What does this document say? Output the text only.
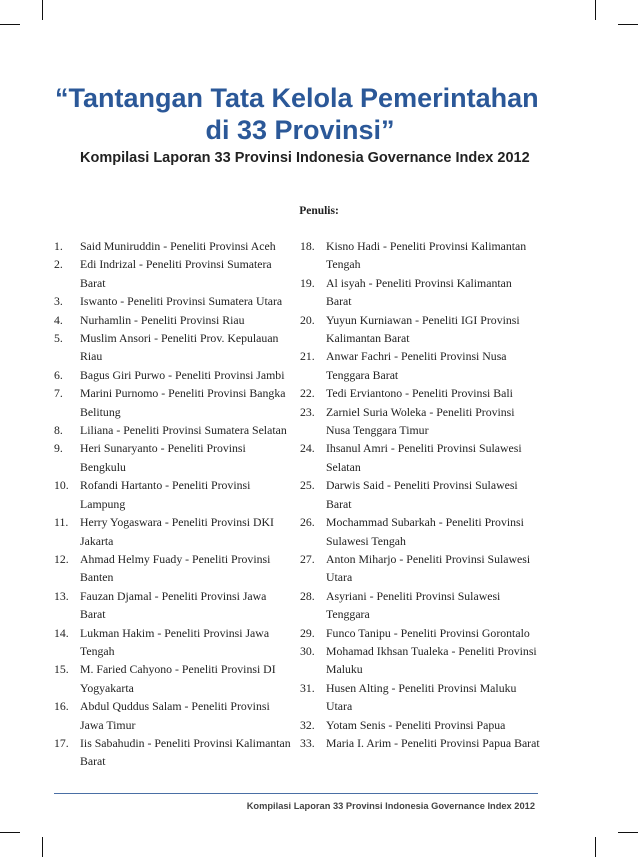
“Tantangan Tata Kelola Pemerintahan
di 33 Provinsi”
Kompilasi Laporan 33 Provinsi Indonesia Governance Index 2012
Penulis:
1.	Said Muniruddin - Peneliti Provinsi Aceh
2.	Edi Indrizal - Peneliti Provinsi Sumatera Barat
3.	Iswanto - Peneliti Provinsi Sumatera Utara
4.	Nurhamlin - Peneliti Provinsi Riau
5.	Muslim Ansori - Peneliti Prov. Kepulauan Riau
6.	Bagus Giri Purwo - Peneliti Provinsi Jambi
7.	Marini Purnomo - Peneliti Provinsi Bangka Belitung
8.	Liliana - Peneliti Provinsi Sumatera Selatan
9.	Heri Sunaryanto - Peneliti Provinsi Bengkulu
10. Rofandi Hartanto - Peneliti Provinsi Lampung
11. Herry Yogaswara - Peneliti Provinsi DKI Jakarta
12. Ahmad Helmy Fuady - Peneliti Provinsi Banten
13. Fauzan Djamal - Peneliti Provinsi Jawa Barat
14. Lukman Hakim - Peneliti Provinsi Jawa Tengah
15. M. Faried Cahyono - Peneliti Provinsi DI Yogyakarta
16. Abdul Quddus Salam - Peneliti Provinsi Jawa Timur
17. Iis Sabahudin - Peneliti Provinsi Kalimantan Barat
18. Kisno Hadi - Peneliti Provinsi Kalimantan Tengah
19. Al isyah - Peneliti Provinsi Kalimantan Barat
20. Yuyun Kurniawan - Peneliti IGI Provinsi Kalimantan Barat
21. Anwar Fachri - Peneliti Provinsi Nusa Tenggara Barat
22. Tedi Erviantono - Peneliti Provinsi Bali
23. Zarniel Suria Woleka - Peneliti Provinsi Nusa Tenggara Timur
24. Ihsanul Amri - Peneliti Provinsi Sulawesi Selatan
25. Darwis Said - Peneliti Provinsi Sulawesi Barat
26. Mochammad Subarkah - Peneliti Provinsi Sulawesi Tengah
27. Anton Miharjo - Peneliti Provinsi Sulawesi Utara
28. Asyriani - Peneliti Provinsi Sulawesi Tenggara
29. Funco Tanipu - Peneliti Provinsi Gorontalo
30. Mohamad Ikhsan Tualeka - Peneliti Provinsi Maluku
31. Husen Alting - Peneliti Provinsi Maluku Utara
32. Yotam Senis - Peneliti Provinsi Papua
33. Maria I. Arim - Peneliti Provinsi Papua Barat
Kompilasi Laporan 33 Provinsi Indonesia Governance Index 2012
